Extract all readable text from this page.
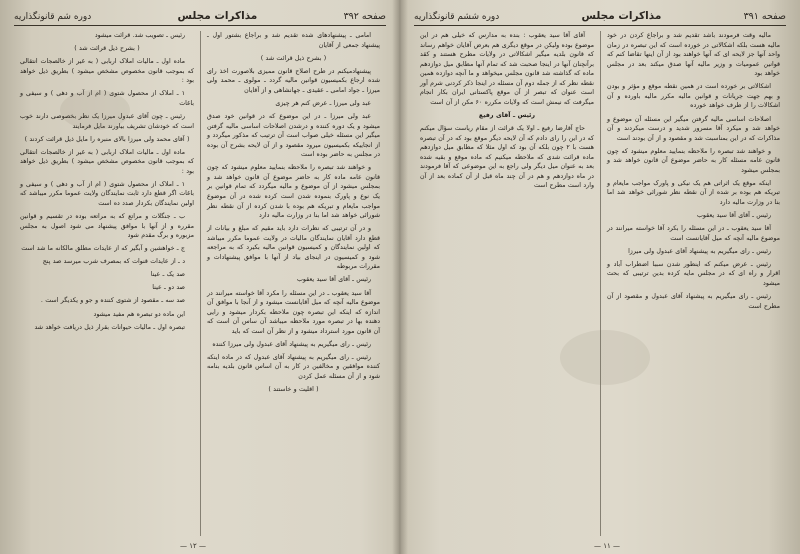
صفحه ۳۹۲
مذاکرات مجلس
دوره شم قانونگذاریه

امامی ـ پیشنهادهای شده تقدیم شد و براجاع بشتور اول ـ پیشنهاد جمعی از آقایان

( بشرح ذیل قرائت شد )

پیشنهادمیکنم در طرح اصلاح قانون ممیزی بلاصورت اخذ رای شده ارجاع بکمیسیون قوانین مالیه گردد ـ مولوی ـ محمد ولی میرزا ـ جواد امامی ـ عقیدی ـ جهانشاهی و از آقایان

عبد ولی میرزا ـ عرض کنم هر چیزی

عبد ولی میرزا ـ در این موضوع که در قوانین خود صدق میشود و یک دوره کننده و درشدن اصلاحات اساسی مالیه گرفتن میگیر این مسئله خیلی صواب است آن ترتیب که مذکور میگردد و از انجاییکه بکمیسیون میرود مقصود و از آن لایحه بشرح آن بوده در مجلس به حاضر بوده است

و خواهند شد تبصره را ملاحظه بنمایید معلوم میشود که چون قانون عامه ماده کار به حاضر موضوع آن قانون خواهد شد و بمجلس میشود از آن موضوع و مالیه میگردد که تمام قوانین بر یک نوع و پاورک بنموده شدن است کرده شده در آن موضوع مواجب مایعام و تبریکه هم بوده با شدن کرده از آن نقطه نظر شورائی خواهد شد اما بنا در وزارت مالیه دارد

و در آن ترتیبی که نظرات دارد باید مقیم که مبلغ و بیانات از قطع دارد آقایان نمایندگان مالیات در ولایت عموما مکرر میباشد که اولین نمایندگان و کمیسیون قوانین مالیه بکیرد که به مراجعه شود و کمیسیون در اینجای بیاد از آنها با موافق پیشنهادات و مقررات مربوطه

رئیس ـ آقای آقا سید یعقوب

آقا سید یعقوب ـ در این مسئله را مکرد آقا خواسته میرانند در موضوع مالیه آنچه که میل آقایانست میشود و از آنجا با موافق آن اندازه که اینکه این تبصره چون ملاحظه بکردار میشود و رایی دهنده بها در تبصره مورد ملاحظه میباشد آن ساس آن است که آن قانون مورد استرداد میشود و از نظر آن است که باید

رئیس ـ رای میگیریم به پیشنهاد آقای عبدول ولی میرزا کننده

رئیس ـ رای میگیریم به پیشنهاد آقای عبدول که در ماده اینکه کننده موافقین و مخالفین در کار به آن اساس قانون بلدیه بنامه شود و از آن مسئله عمل کردن

( اقلیت و خاستند )

رئیس ـ تصویب شد. قرائت میشود

( بشرح ذیل قرائت شد )

ماده اول ـ مالیات املاک اربابی ( به غیر از خالصجات انتقالی که بموجب قانون مخصوص مشخص میشود ) بطریق ذیل خواهد بود :

۱ ـ املاک از محصول شتوی ( ام از آب و دهی ) و سیفی و باغات

رئیس ـ چون آقای عبدول میرزا یک نظر بخصوصی دارند خوب است که خودشان تشریف بیاورند مایل فرمایند

( آقای محمد ولی میرزا بالای منبره را مایل ذیل قرائت کردند )

ماده اول ـ مالیات املاک اربابی ( به غیر از خالصجات انتقالی که بموجب قانون مخصوص مشخص میشود ) بطریق ذیل خواهد بود :

۱ ـ املاک از محصول شتوی ( ام از آب و دهی ) و سیفی و باغات اگر قطع دارد ثابت نمایندگان ولایت عموما مکرر میباشد که اولین نمایندگان بکردار صدد ده است

ب ـ جنگلات و مراتع که به مراتعه بوده در تقسیم و قوانین مقرره و از آنها با موافق پیشنهاد می شود اصول به مجلس مزبوره و برگ مقدم شود

ج ـ خواهشین و آبگیر که از عایدات مطلق مالکانه ما شد است

د ـ از عایدات قنوات که بمصرف شرب میرسد صد پنج

صد یک ـ عینا

صد دو ـ عینا

صد سه ـ مقصود از شتوی کننده و جو و یکدیگر است .

این ماده دو تبصره هم مفید میشود

تبصره اول ـ مالیات حیوانات بقرار ذیل دریافت خواهد شد

— ۱۲ —
صفحه ۳۹۱
مذاکرات مجلس
دوره ششم قانونگذاریه

مالیه وقت فرمودند باشد تقدیم شد و براجاع کردن در خود مالیه هست بلکه اشکالاتی در خورده است که این تبصره در زمان واحد آنها جز لایحه ای که آنها خواهند بود از آن اینها تقاضا کنم که قوانین عمومیات و وزیر مالیه آنها صدق میکند بعد در مجلس خواهد بود

اشکالاتی بر خورده است در همین نقطه موقع و مؤثر و بودن و بهم جهت جریانات و قوانین مالیه مکرر مالیه باورده و آن اشکالات را از طرف خواهد خورده

اصلاحات اساسی مالیه گرفتن میگیر این مسئله آن موضوع و خواهد شد و میکرد آقا مسرور شدید و درست میکردند و آن مذاکرات که در این بمناسبت شد و مقصود و از آن بودند است

و خواهند شد تبصره را ملاحظه بنمایید معلوم میشود که چون قانون عامه مسئله کار به حاضر موضوع آن قانون خواهد شد و بمجلس میشود

اینکه موقع یک اثراتی هم یک نیکی و پاورک مواجب مایعام و تبریکه هم بوده بر شده از آن نقطه نظر شورائی خواهد شد اما بنا در وزارت مالیه دارد

رئیس ـ آقای آقا سید یعقوب

آقا سید یعقوب ـ در این مسئله را بکرد آقا خواسته میرانند در موضوع مالیه آنچه که میل آقایانست است

رئیس ـ رای میگیریم به پیشنهاد آقای عبدول ولی میرزا

رئیس ـ عرض میکنم که اینطور شدن سببا اضطراب آباد و اقرار و راه ای که در مجلس مایه کرده بدین ترتیبی که بحث میشود

رئیس ـ رای میگیریم به پیشنهاد آقای عبدول و مقصود از آن مطرح است

آقای آقا سید یعقوب : بنده به مدارس که خیلی هم در این موضوع بوده ولیکن در موقع دیگری هم بعرض آقایان خواهم رساند که قانون بلدیه میگیر اشکالاتی در ولایات مطرح هستند و کقد برآنچنان آنها در اینجا صحبت شد که تمام آنها مطابق میل دوازدهم ماده که گذاشته شد قانون مجلس میخواهد و ما آنچه دوازده همین نقطه نظر که از جمله دوم آن مسئله در اینجا ذکر کردنی شرم آور است عنوان که تبصر از آن موقع پاکستانی ایران بکار انجام میگرفت که نیمش است که ولایات مکرره ۶۰ مکن از آن است

رئیس ـ آقای رفیع

حاج آقارضا رفیع ـ اولا یک قرائت از مقام ریاست سؤال میکنم که در این را رای دادم که آن لایحه دیگر موقع بود که در آن تبصره هست با ۲ چون بلکه آن بود که اول مثلا که مطابق میل دوازدهم ماده قرائت شدی که ملاحظه میکنیم که ماده موقع و بقیه شده بعد به عنوان میل دیگر ولی راجع به این موضوعی که آقا فرمودند در ماه دوازدهم و هم در آن چند ماه قبل از آن کماده بعد از آن وارد است مطرح است

— ۱۱ —
